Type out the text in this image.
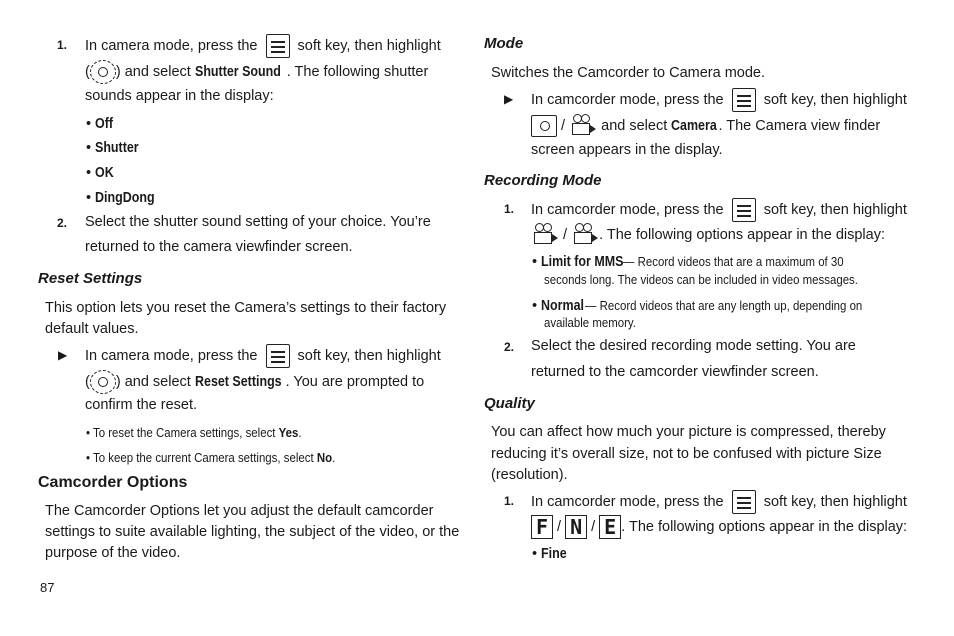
1. In camera mode, press the	soft key, then highlight
( ) and select Shutter Sound . The following shutter
sounds appear in the display:
• Off
• Shutter
• OK
• DingDong
2. Select the shutter sound setting of your choice. You’re
returned to the camera viewfinder screen.
Reset Settings
This option lets you reset the Camera’s settings to their factory
default values.
▶ In camera mode, press the	soft key, then highlight
( ) and select Reset Settings . You are prompted to
confirm the reset.
• To reset the Camera settings, select Yes.
• To keep the current Camera settings, select No.
Camcorder Options
The Camcorder Options let you adjust the default camcorder
settings to suite available lighting, the subject of the video, or the
purpose of the video.
87
Mode
Switches the Camcorder to Camera mode.
▶ In camcorder mode, press the	soft key, then highlight
/ and select Camera. The Camera view finder
screen appears in the display.
Recording Mode
1. In camcorder mode, press the	soft key, then highlight
/ . The following options appear in the display:
• Limit for MMS— Record videos that are a maximum of 30
seconds long. The videos can be included in video messages.
• Normal— Record videos that are any length up, depending on
available memory.
2. Select the desired recording mode setting. You are
returned to the camcorder viewfinder screen.
Quality
You can affect how much your picture is compressed, thereby
reducing it’s overall size, not to be confused with picture Size
(resolution).
1. In camcorder mode, press the	soft key, then highlight
F / N / E . The following options appear in the display:
• Fine
